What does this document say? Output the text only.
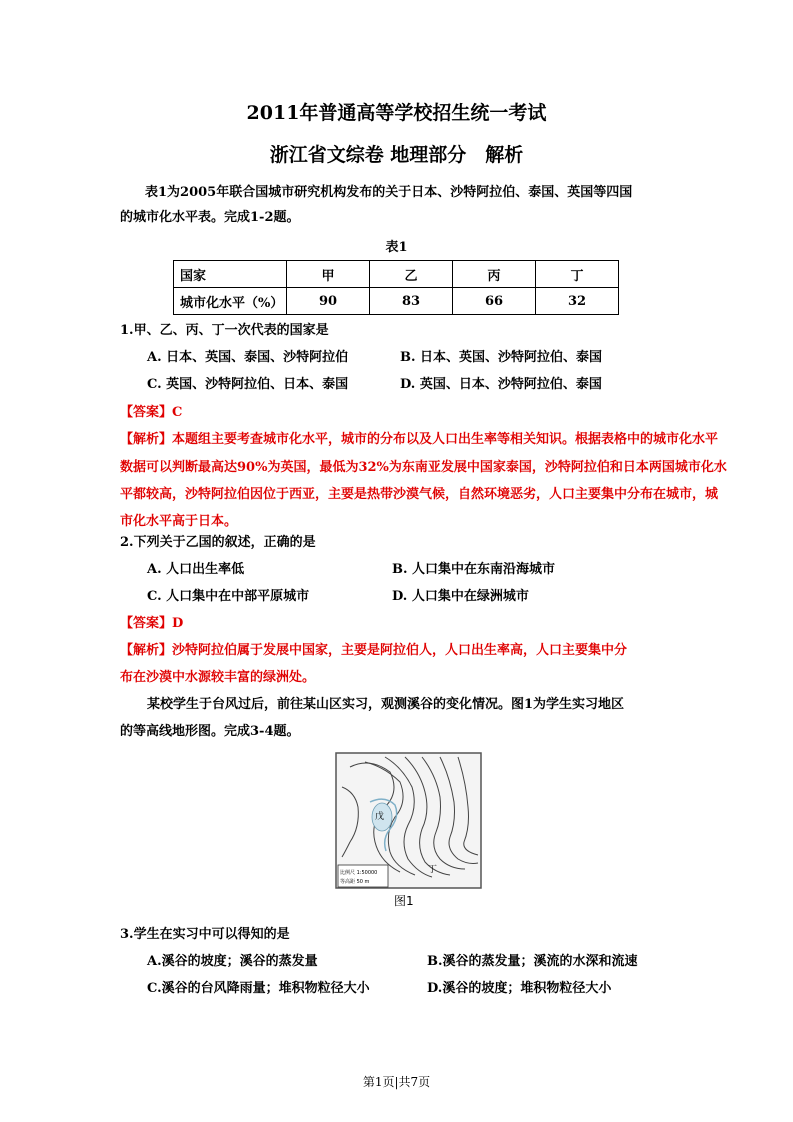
2011年普通高等学校招生统一考试
浙江省文综卷 地理部分　解析
表1为2005年联合国城市研究机构发布的关于日本、沙特阿拉伯、泰国、英国等四国
的城市化水平表。完成1-2题。
表1
国家	甲	乙	丙	丁
城市化水平（%）	90	83	66	32
1.甲、乙、丙、丁一次代表的国家是
A. 日本、英国、泰国、沙特阿拉伯	B. 日本、英国、沙特阿拉伯、泰国
C. 英国、沙特阿拉伯、日本、泰国	D. 英国、日本、沙特阿拉伯、泰国
【答案】C
【解析】本题组主要考查城市化水平，城市的分布以及人口出生率等相关知识。根据表格中的城市化水平
数据可以判断最高达90%为英国，最低为32%为东南亚发展中国家泰国，沙特阿拉伯和日本两国城市化水
平都较高，沙特阿拉伯因位于西亚，主要是热带沙漠气候，自然环境恶劣，人口主要集中分布在城市，城
市化水平高于日本。
2.下列关于乙国的叙述，正确的是
A. 人口出生率低	B. 人口集中在东南沿海城市
C. 人口集中在中部平原城市	D. 人口集中在绿洲城市
【答案】D
【解析】沙特阿拉伯属于发展中国家，主要是阿拉伯人，人口出生率高，人口主要集中分
布在沙漠中水源较丰富的绿洲处。
某校学生于台风过后，前往某山区实习，观测溪谷的变化情况。图1为学生实习地区
的等高线地形图。完成3-4题。
戊
丁
比例尺 1:50000
等高距 50 m
图1
3.学生在实习中可以得知的是
A.溪谷的坡度；溪谷的蒸发量	B.溪谷的蒸发量；溪流的水深和流速
C.溪谷的台风降雨量；堆积物粒径大小	D.溪谷的坡度；堆积物粒径大小
第1页|共7页
